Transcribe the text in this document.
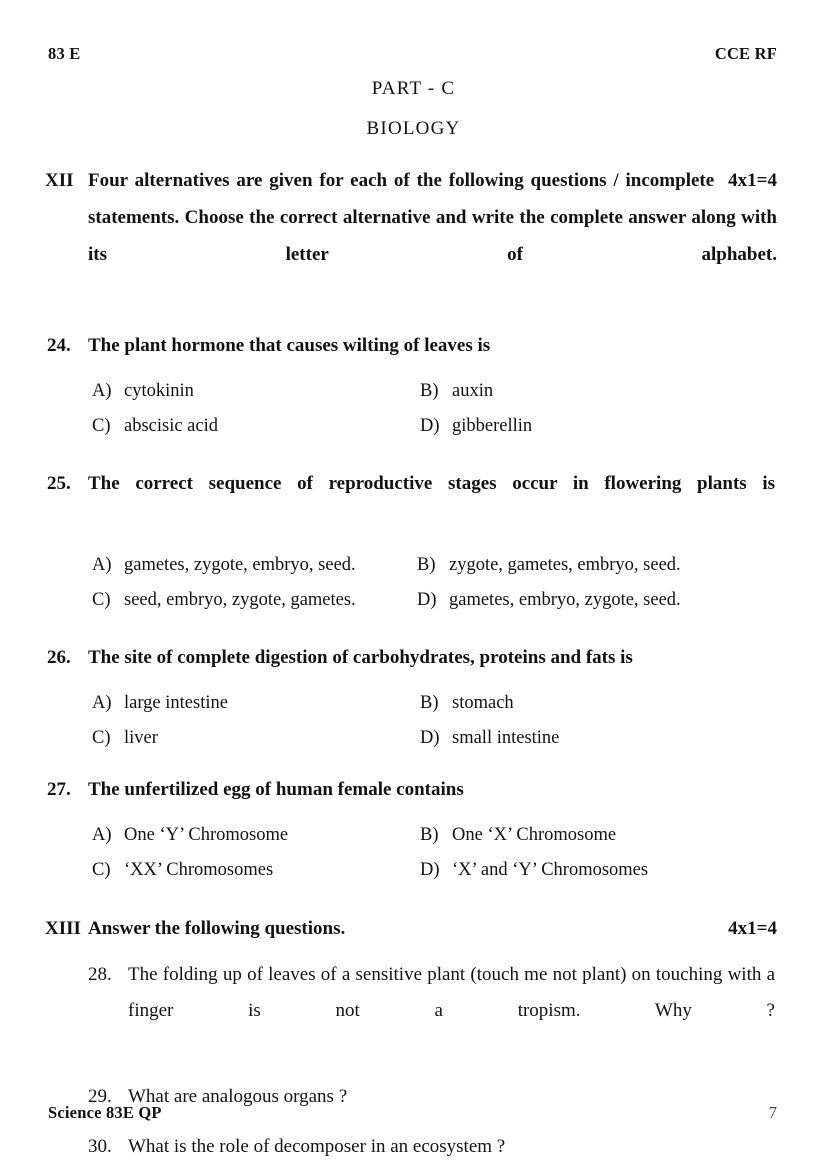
83 E	CCE RF
PART - C
BIOLOGY
XII	4x1=4
Four alternatives are given for each of the following questions / incomplete statements. Choose the correct alternative and write the complete answer along with its letter of alphabet.
24. The plant hormone that causes wilting of leaves is
A) cytokinin	B) auxin
C) abscisic acid	D) gibberellin
25. The correct sequence of reproductive stages occur in flowering plants is
A) gametes, zygote, embryo, seed.	B) zygote, gametes, embryo, seed.
C) seed, embryo, zygote, gametes.	D) gametes, embryo, zygote, seed.
26. The site of complete digestion of carbohydrates, proteins and fats is
A) large intestine	B) stomach
C) liver	D) small intestine
27. The unfertilized egg of human female contains
A) One ‘Y’ Chromosome	B) One ‘X’ Chromosome
C) ‘XX’ Chromosomes	D) ‘X’ and ‘Y’ Chromosomes
XIII	4x1=4
Answer the following questions.
28. The folding up of leaves of a sensitive plant (touch me not plant) on touching with a finger is not a tropism. Why ?
29. What are analogous organs ?
30. What is the role of decomposer in an ecosystem ?
Science 83E QP	7
